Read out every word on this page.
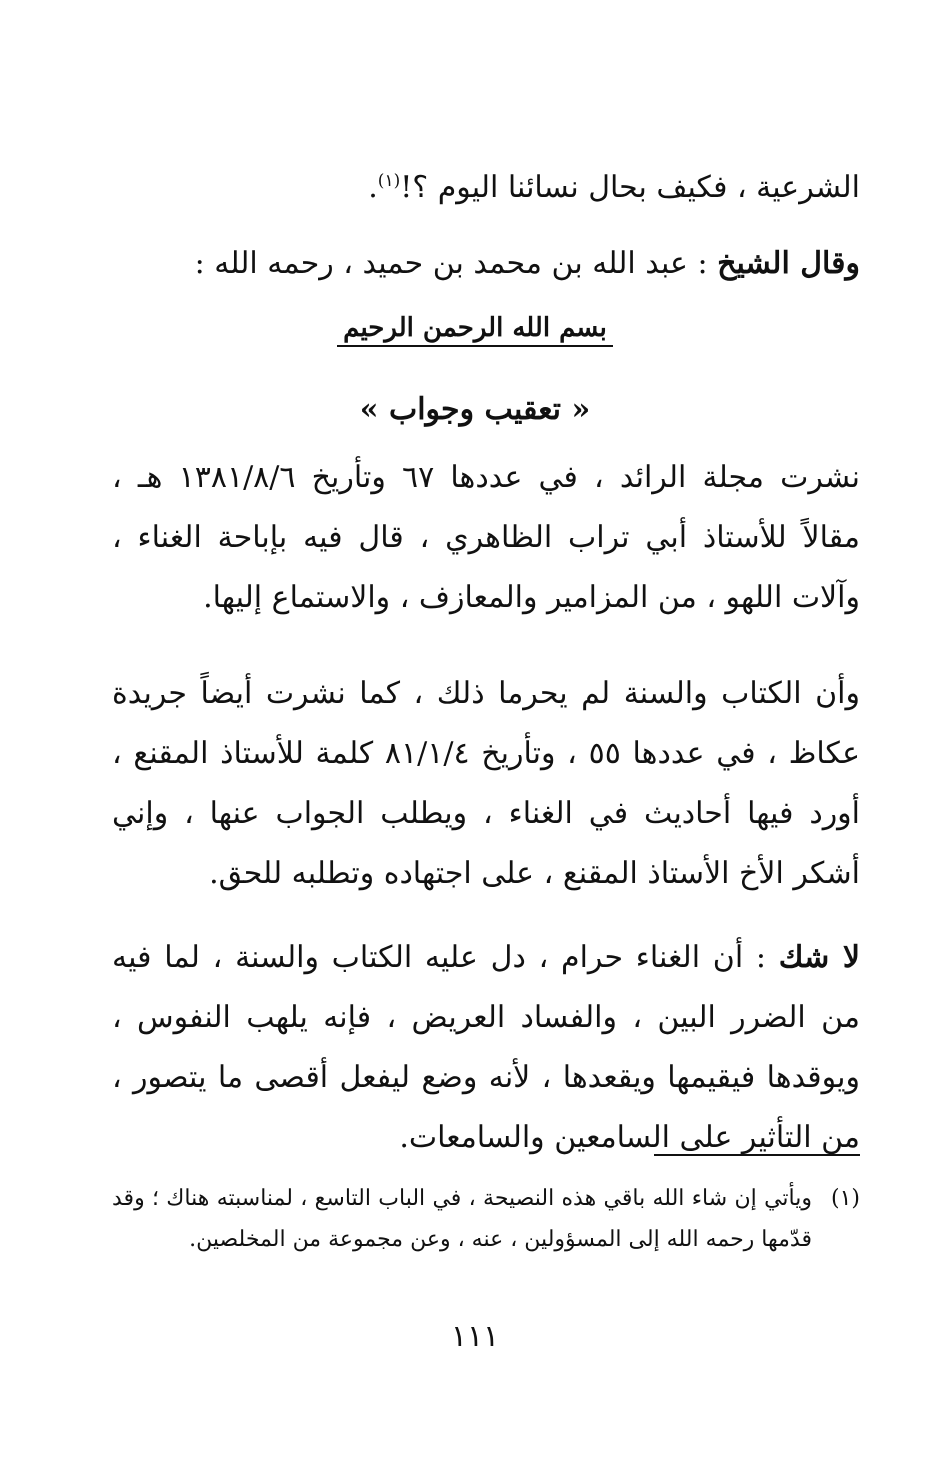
الشرعية ، فكيف بحال نسائنا اليوم ؟!$^{(١)}$.
وقال الشيخ : عبد الله بن محمد بن حميد ، رحمه الله :
بسم الله الرحمن الرحيم
« تعقيب وجواب »
نشرت مجلة الرائد ، في عددها ٦٧ وتأريخ ١٣٨١/٨/٦ هـ ، مقالاً للأستاذ أبي تراب الظاهري ، قال فيه بإباحة الغناء ، وآلات اللهو ، من المزامير والمعازف ، والاستماع إليها.
وأن الكتاب والسنة لم يحرما ذلك ، كما نشرت أيضاً جريدة عكاظ ، في عددها ٥٥ ، وتأريخ ٨١/١/٤ كلمة للأستاذ المقنع ، أورد فيها أحاديث في الغناء ، ويطلب الجواب عنها ، وإني أشكر الأخ الأستاذ المقنع ، على اجتهاده وتطلبه للحق.
لا شك : أن الغناء حرام ، دل عليه الكتاب والسنة ، لما فيه من الضرر البين ، والفساد العريض ، فإنه يلهب النفوس ، ويوقدها فيقيمها ويقعدها ، لأنه وضع ليفعل أقصى ما يتصور ، من التأثير على السامعين والسامعات.
(١)
ويأتي إن شاء الله باقي هذه النصيحة ، في الباب التاسع ، لمناسبته هناك ؛ وقد قدّمها رحمه الله إلى المسؤولين ، عنه ، وعن مجموعة من المخلصين.
١١١
